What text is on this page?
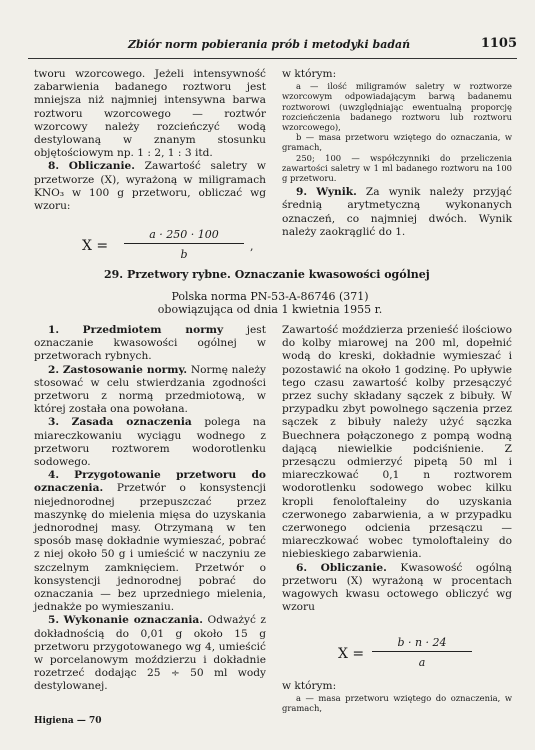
Zbiór norm pobierania prób i metodyki badań	1105

tworu wzorcowego. Jeżeli intensywność zabarwienia badanego roztworu jest mniejsza niż najmniej intensywna barwa roztworu wzorcowego — roztwór wzorcowy należy rozcieńczyć wodą destylowaną w znanym stosunku objętościowym np. 1 : 2, 1 : 3 itd.

8. Obliczanie. Zawartość saletry w przetworze (X), wyrażoną w miligramach KNO₃ w 100 g przetworu, obliczać wg wzoru:

$X = \frac{a \cdot 250 \cdot 100}{b}$ ,

w którym:

a — ilość miligramów saletry w roztworze wzorcowym odpowiadającym barwą badanemu roztworowi (uwzględniając ewentualną proporcję rozcieńczenia badanego roztworu lub roztworu wzorcowego),

b — masa przetworu wziętego do oznaczania, w gramach,

250; 100 — współczynniki do przeliczenia zawartości saletry w 1 ml badanego roztworu na 100 g przetworu.

9. Wynik. Za wynik należy przyjąć średnią arytmetyczną wykonanych oznaczeń, co najmniej dwóch. Wynik należy zaokrąglić do 1.

29. Przetwory rybne. Oznaczanie kwasowości ogólnej
Polska norma PN-53-A-86746 (371)
obowiązująca od dnia 1 kwietnia 1955 r.

1. Przedmiotem normy jest oznaczanie kwasowości ogólnej w przetworach rybnych.

2. Zastosowanie normy. Normę należy stosować w celu stwierdzania zgodności przetworu z normą przedmiotową, w której została ona powołana.

3. Zasada oznaczenia polega na miareczkowaniu wyciągu wodnego z przetworu roztworem wodorotlenku sodowego.

4. Przygotowanie przetworu do oznaczenia. Przetwór o konsystencji niejednorodnej przepuszczać przez maszynkę do mielenia mięsa do uzyskania jednorodnej masy. Otrzymaną w ten sposób masę dokładnie wymieszać, pobrać z niej około 50 g i umieścić w naczyniu ze szczelnym zamknięciem. Przetwór o konsystencji jednorodnej pobrać do oznaczania — bez uprzedniego mielenia, jednakże po wymieszaniu.

5. Wykonanie oznaczania. Odważyć z dokładnością do 0,01 g około 15 g przetworu przygotowanego wg 4, umieścić w porcelanowym moździerzu i dokładnie rozetrzeć dodając 25 ÷ 50 ml wody destylowanej.

Zawartość moździerza przenieść ilościowo do kolby miarowej na 200 ml, dopełnić wodą do kreski, dokładnie wymieszać i pozostawić na około 1 godzinę. Po upływie tego czasu zawartość kolby przesączyć przez suchy składany sączek z bibuły. W przypadku zbyt powolnego sączenia przez sączek z bibuły należy użyć sączka Buechnera połączonego z pompą wodną dającą niewielkie podciśnienie. Z przesączu odmierzyć pipetą 50 ml i miareczkować 0,1 n roztworem wodorotlenku sodowego wobec kilku kropli fenoloftaleiny do uzyskania czerwonego zabarwienia, a w przypadku czerwonego odcienia przesączu — miareczkować wobec tymoloftaleiny do niebieskiego zabarwienia.

6. Obliczanie. Kwasowość ogólną przetworu (X) wyrażoną w procentach wagowych kwasu octowego obliczyć wg wzoru

$X = \frac{b \cdot n \cdot 24}{a}$

w którym:

a — masa przetworu wziętego do oznaczenia, w gramach,

Higiena — 70
